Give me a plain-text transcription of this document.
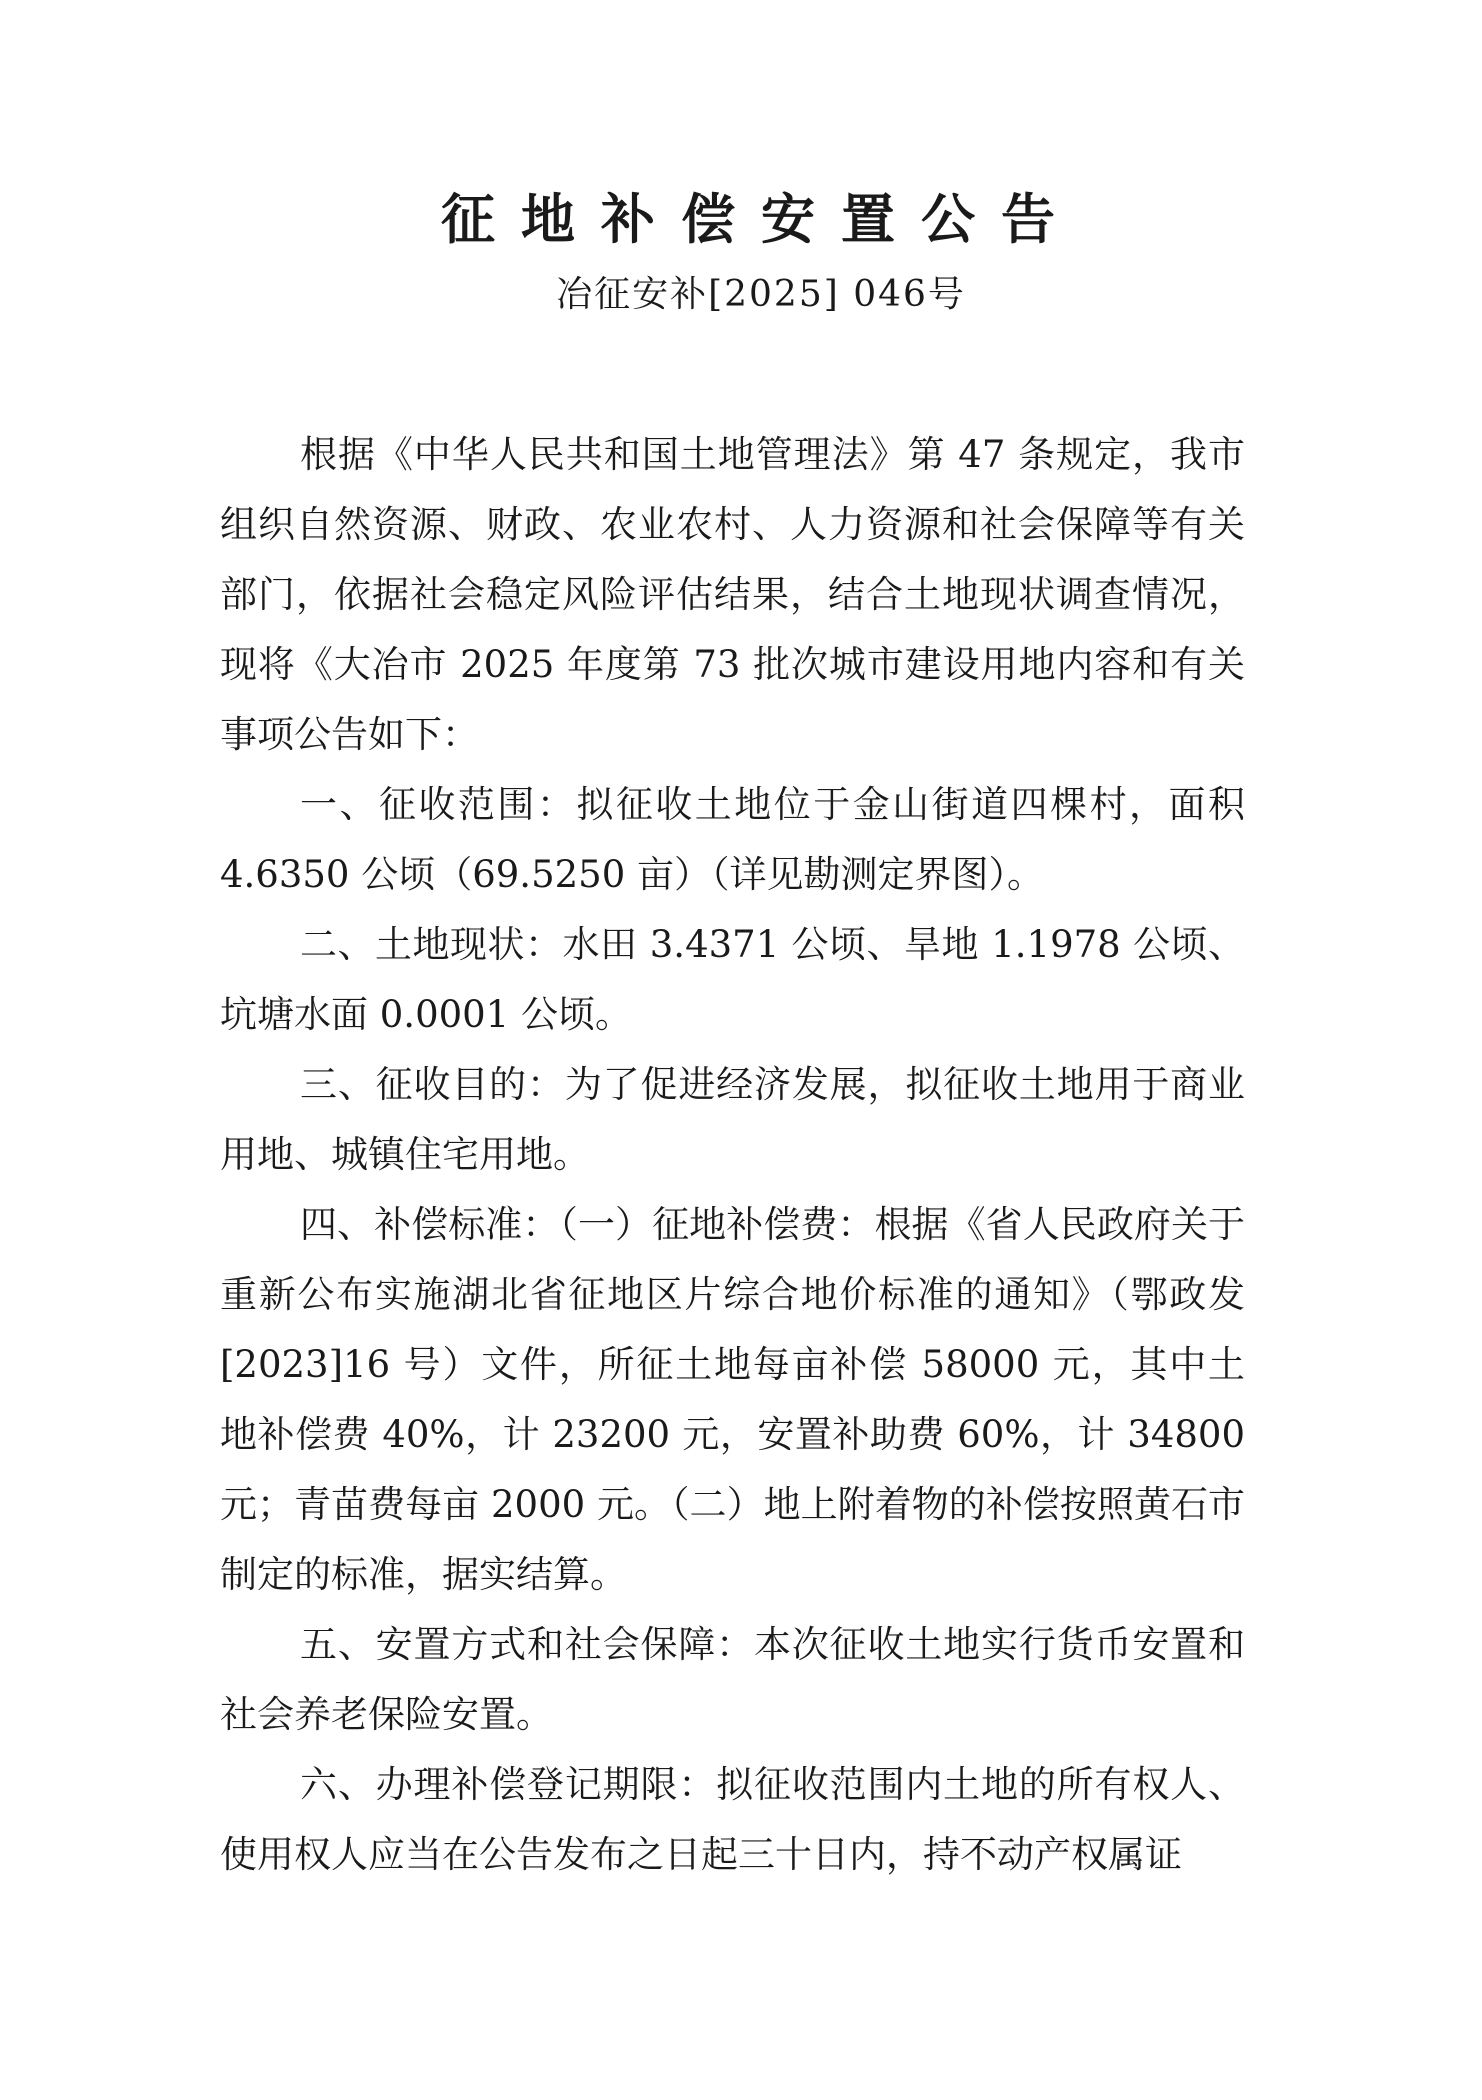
征地补偿安置公告
冶征安补[2025] 046号

根据《中华人民共和国土地管理法》第 47 条规定，我市组织自然资源、财政、农业农村、人力资源和社会保障等有关部门，依据社会稳定风险评估结果，结合土地现状调查情况，现将《大冶市 2025 年度第 73 批次城市建设用地内容和有关事项公告如下：

一、征收范围：拟征收土地位于金山街道四棵村，面积 4.6350 公顷（69.5250 亩）（详见勘测定界图）。

二、土地现状：水田 3.4371 公顷、旱地 1.1978 公顷、坑塘水面 0.0001 公顷。

三、征收目的：为了促进经济发展，拟征收土地用于商业用地、城镇住宅用地。

四、补偿标准：（一）征地补偿费：根据《省人民政府关于重新公布实施湖北省征地区片综合地价标准的通知》（鄂政发[2023]16 号）文件，所征土地每亩补偿 58000 元，其中土地补偿费 40%，计 23200 元，安置补助费 60%，计 34800 元；青苗费每亩 2000 元。（二）地上附着物的补偿按照黄石市制定的标准，据实结算。

五、安置方式和社会保障：本次征收土地实行货币安置和社会养老保险安置。

六、办理补偿登记期限：拟征收范围内土地的所有权人、使用权人应当在公告发布之日起三十日内，持不动产权属证
